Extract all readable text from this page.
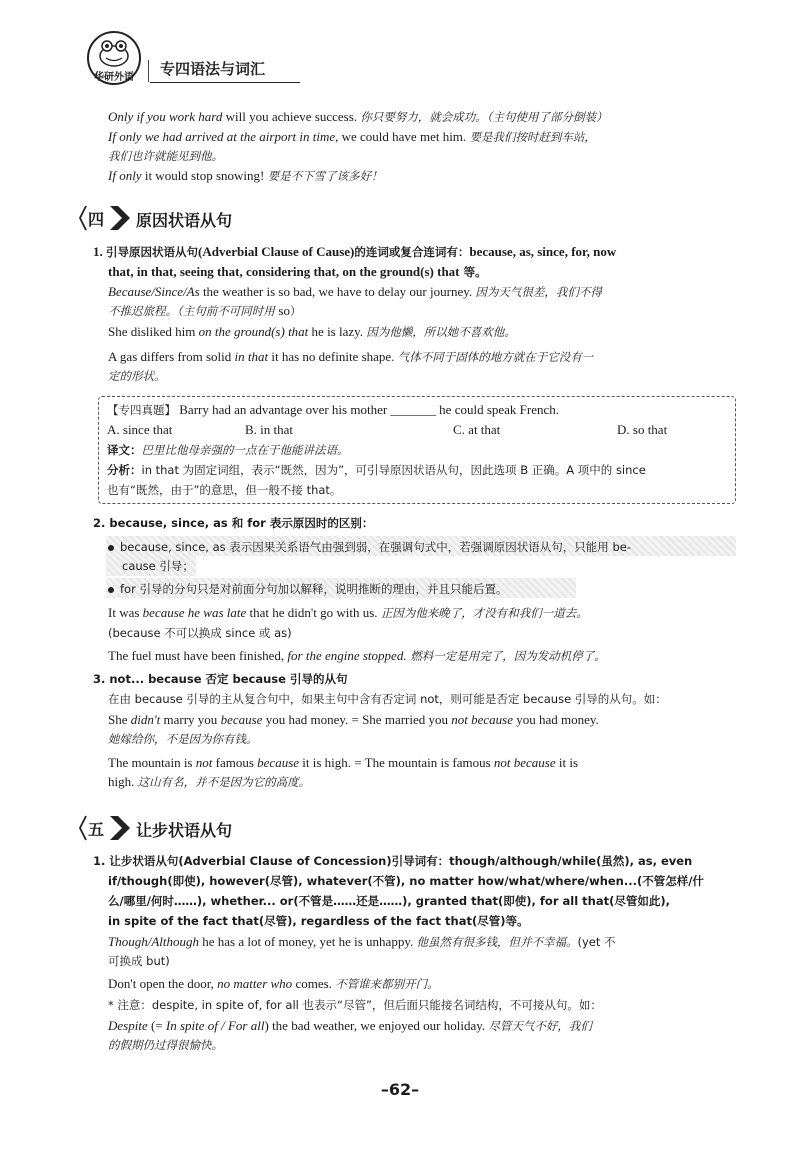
华研外语	专四语法与词汇
Only if you work hard will you achieve success. 你只要努力，就会成功。（主句使用了部分倒装）
If only we had arrived at the airport in time, we could have met him. 要是我们按时赶到车站，
我们也许就能见到他。
If only it would stop snowing! 要是不下雪了该多好！
四 原因状语从句
1. 引导原因状语从句(Adverbial Clause of Cause)的连词或复合连词有：because, as, since, for, now
that, in that, seeing that, considering that, on the ground(s) that 等。
Because/Since/As the weather is so bad, we have to delay our journey. 因为天气很差，我们不得
不推迟旅程。（主句前不可同时用 so）
She disliked him on the ground(s) that he is lazy. 因为他懒，所以她不喜欢他。
A gas differs from solid in that it has no definite shape. 气体不同于固体的地方就在于它没有一
定的形状。
【专四真题】 Barry had an advantage over his mother _______ he could speak French.
A. since that	B. in that	C. at that	D. so that
译文：巴里比他母亲强的一点在于他能讲法语。
分析：in that 为固定词组，表示“既然，因为”，可引导原因状语从句，因此选项 B 正确。A 项中的 since
也有“既然，由于”的意思，但一般不接 that。
2. because, since, as 和 for 表示原因时的区别：
because, since, as 表示因果关系语气由强到弱，在强调句式中，若强调原因状语从句，只能用 be-
cause 引导；
for 引导的分句只是对前面分句加以解释，说明推断的理由，并且只能后置。
It was because he was late that he didn't go with us. 正因为他来晚了，才没有和我们一道去。
(because 不可以换成 since 或 as)
The fuel must have been finished, for the engine stopped. 燃料一定是用完了，因为发动机停了。
3. not... because 否定 because 引导的从句
在由 because 引导的主从复合句中，如果主句中含有否定词 not，则可能是否定 because 引导的从句。如：
She didn't marry you because you had money. = She married you not because you had money.
她嫁给你，不是因为你有钱。
The mountain is not famous because it is high. = The mountain is famous not because it is
high. 这山有名，并不是因为它的高度。
五 让步状语从句
1. 让步状语从句(Adverbial Clause of Concession)引导词有：though/although/while(虽然), as, even
if/though(即使), however(尽管), whatever(不管), no matter how/what/where/when...(不管怎样/什
么/哪里/何时……), whether... or(不管是……还是……), granted that(即使), for all that(尽管如此),
in spite of the fact that(尽管), regardless of the fact that(尽管)等。
Though/Although he has a lot of money, yet he is unhappy. 他虽然有很多钱，但并不幸福。(yet 不
可换成 but)
Don't open the door, no matter who comes. 不管谁来都别开门。
* 注意：despite, in spite of, for all 也表示“尽管”，但后面只能接名词结构，不可接从句。如：
Despite (= In spite of / For all) the bad weather, we enjoyed our holiday. 尽管天气不好，我们
的假期仍过得很愉快。
–62–
